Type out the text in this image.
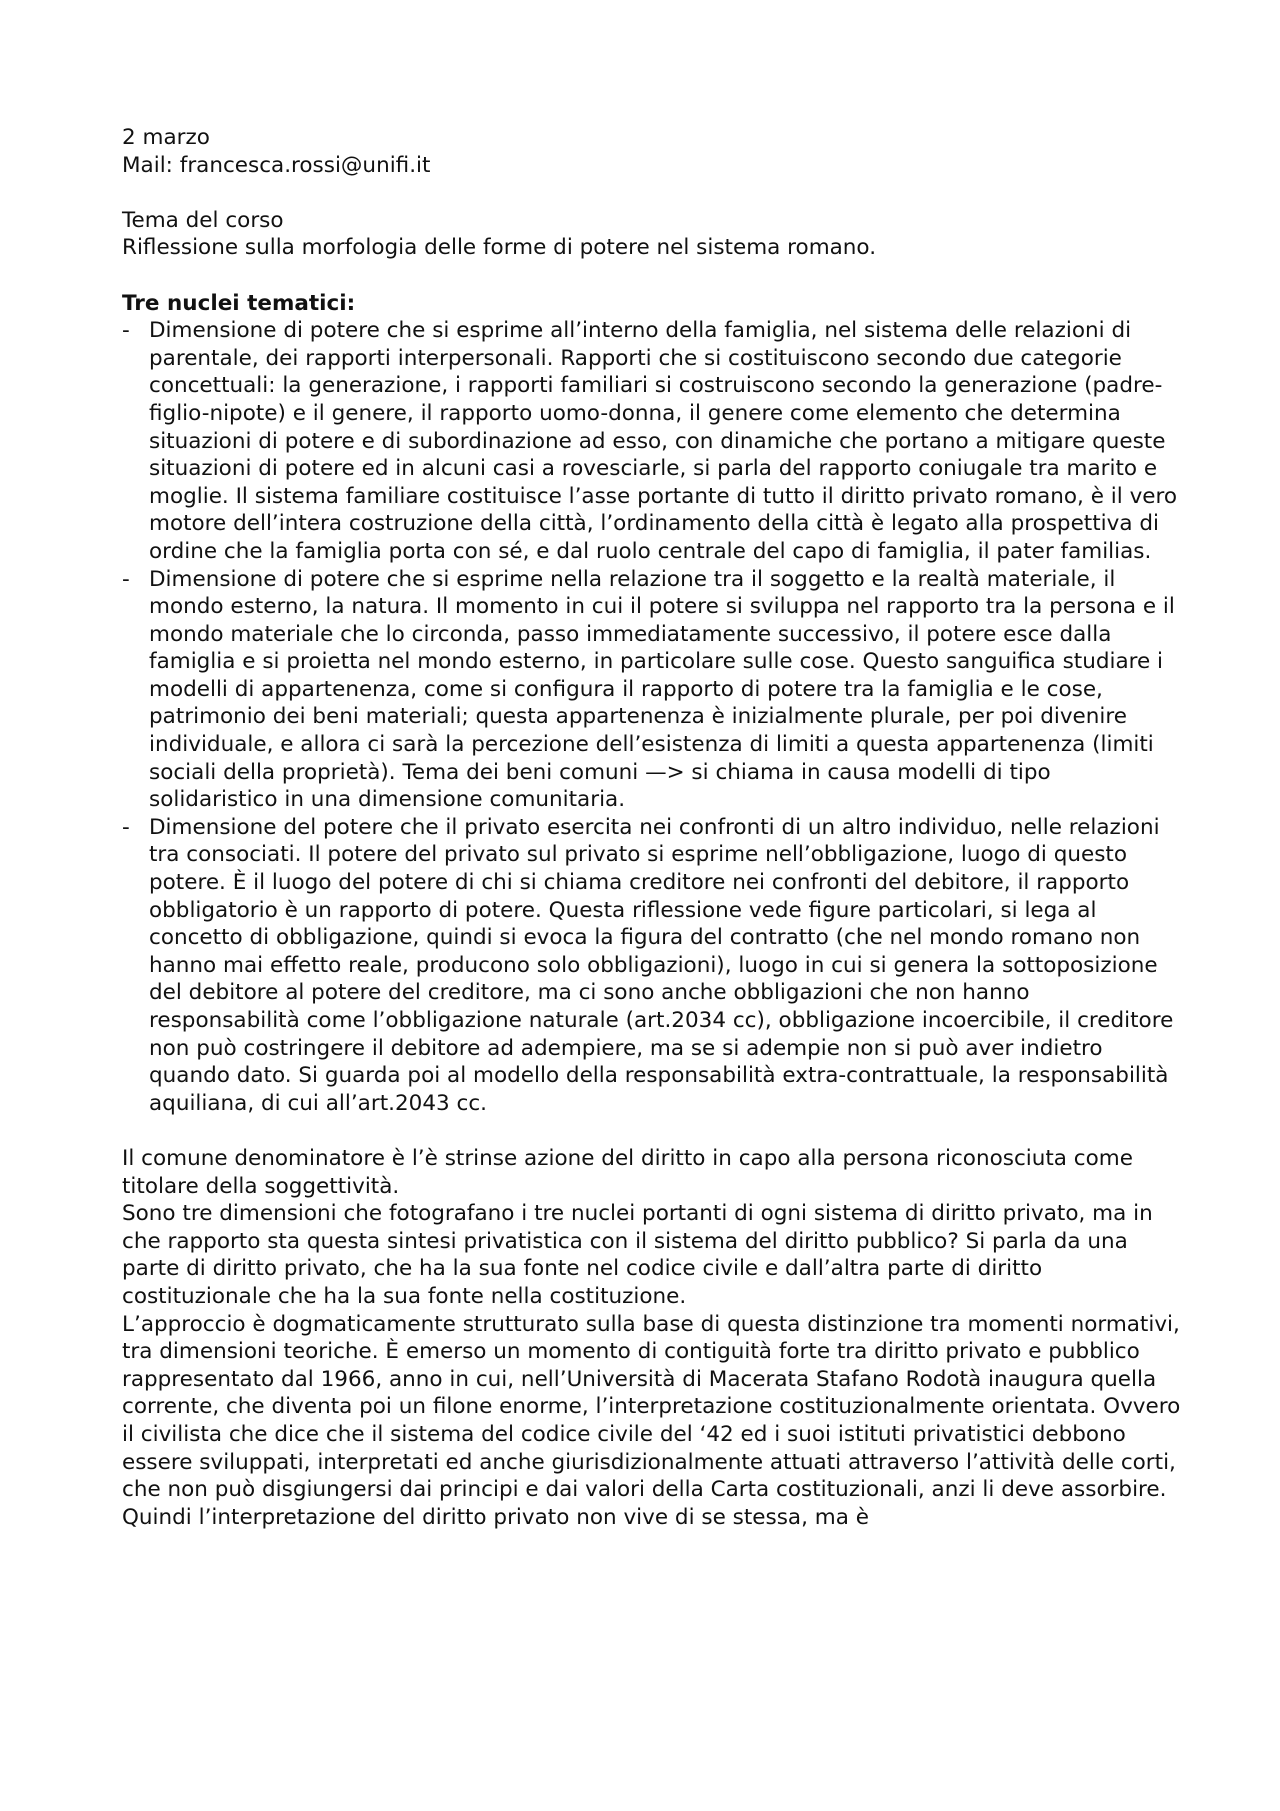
2 marzo
Mail: francesca.rossi@unifi.it
Tema del corso
Riflessione sulla morfologia delle forme di potere nel sistema romano.
Tre nuclei tematici:
- Dimensione di potere che si esprime all’interno della famiglia, nel sistema delle relazioni di parentale, dei rapporti interpersonali. Rapporti che si costituiscono secondo due categorie concettuali: la generazione, i rapporti familiari si costruiscono secondo la generazione (padre-figlio-nipote) e il genere, il rapporto uomo-donna, il genere come elemento che determina situazioni di potere e di subordinazione ad esso, con dinamiche che portano a mitigare queste situazioni di potere ed in alcuni casi a rovesciarle, si parla del rapporto coniugale tra marito e moglie. Il sistema familiare costituisce l’asse portante di tutto il diritto privato romano, è il vero motore dell’intera costruzione della città, l’ordinamento della città è legato alla prospettiva di ordine che la famiglia porta con sé, e dal ruolo centrale del capo di famiglia, il pater familias.
- Dimensione di potere che si esprime nella relazione tra il soggetto e la realtà materiale, il mondo esterno, la natura. Il momento in cui il potere si sviluppa nel rapporto tra la persona e il mondo materiale che lo circonda, passo immediatamente successivo, il potere esce dalla famiglia e si proietta nel mondo esterno, in particolare sulle cose. Questo sanguifica studiare i modelli di appartenenza, come si configura il rapporto di potere tra la famiglia e le cose, patrimonio dei beni materiali; questa appartenenza è inizialmente plurale, per poi divenire individuale, e allora ci sarà la percezione dell’esistenza di limiti a questa appartenenza (limiti sociali della proprietà). Tema dei beni comuni —> si chiama in causa modelli di tipo solidaristico in una dimensione comunitaria.
- Dimensione del potere che il privato esercita nei confronti di un altro individuo, nelle relazioni tra consociati. Il potere del privato sul privato si esprime nell’obbligazione, luogo di questo potere. È il luogo del potere di chi si chiama creditore nei confronti del debitore, il rapporto obbligatorio è un rapporto di potere. Questa riflessione vede figure particolari, si lega al concetto di obbligazione, quindi si evoca la figura del contratto (che nel mondo romano non hanno mai effetto reale, producono solo obbligazioni), luogo in cui si genera la sottoposizione del debitore al potere del creditore, ma ci sono anche obbligazioni che non hanno responsabilità come l’obbligazione naturale (art.2034 cc), obbligazione incoercibile, il creditore non può costringere il debitore ad adempiere, ma se si adempie non si può aver indietro quando dato. Si guarda poi al modello della responsabilità extra-contrattuale, la responsabilità aquiliana, di cui all’art.2043 cc.

Il comune denominatore è l’è strinse azione del diritto in capo alla persona riconosciuta come titolare della soggettività.

Sono tre dimensioni che fotografano i tre nuclei portanti di ogni sistema di diritto privato, ma in che rapporto sta questa sintesi privatistica con il sistema del diritto pubblico? Si parla da una parte di diritto privato, che ha la sua fonte nel codice civile e dall’altra parte di diritto costituzionale che ha la sua fonte nella costituzione.

L’approccio è dogmaticamente strutturato sulla base di questa distinzione tra momenti normativi, tra dimensioni teoriche. È emerso un momento di contiguità forte tra diritto privato e pubblico rappresentato dal 1966, anno in cui, nell’Università di Macerata Stafano Rodotà inaugura quella corrente, che diventa poi un filone enorme, l’interpretazione costituzionalmente orientata. Ovvero il civilista che dice che il sistema del codice civile del ‘42 ed i suoi istituti privatistici debbono essere sviluppati, interpretati ed anche giurisdizionalmente attuati attraverso l’attività delle corti, che non può disgiungersi dai principi e dai valori della Carta costituzionali, anzi li deve assorbire. Quindi l’interpretazione del diritto privato non vive di se stessa, ma è
